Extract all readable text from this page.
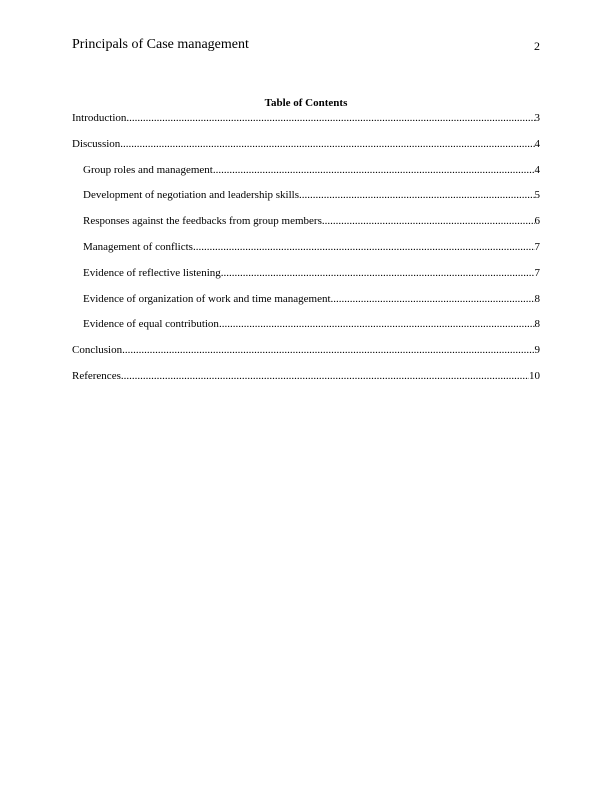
Principals of Case management	2
Table of Contents
Introduction .....	3
Discussion .....	4
Group roles and management .....	4
Development of negotiation and leadership skills .....	5
Responses against the feedbacks from group members .....	6
Management of conflicts .....	7
Evidence of reflective listening .....	7
Evidence of organization of work and time management .....	8
Evidence of equal contribution .....	8
Conclusion .....	9
References .....	10
